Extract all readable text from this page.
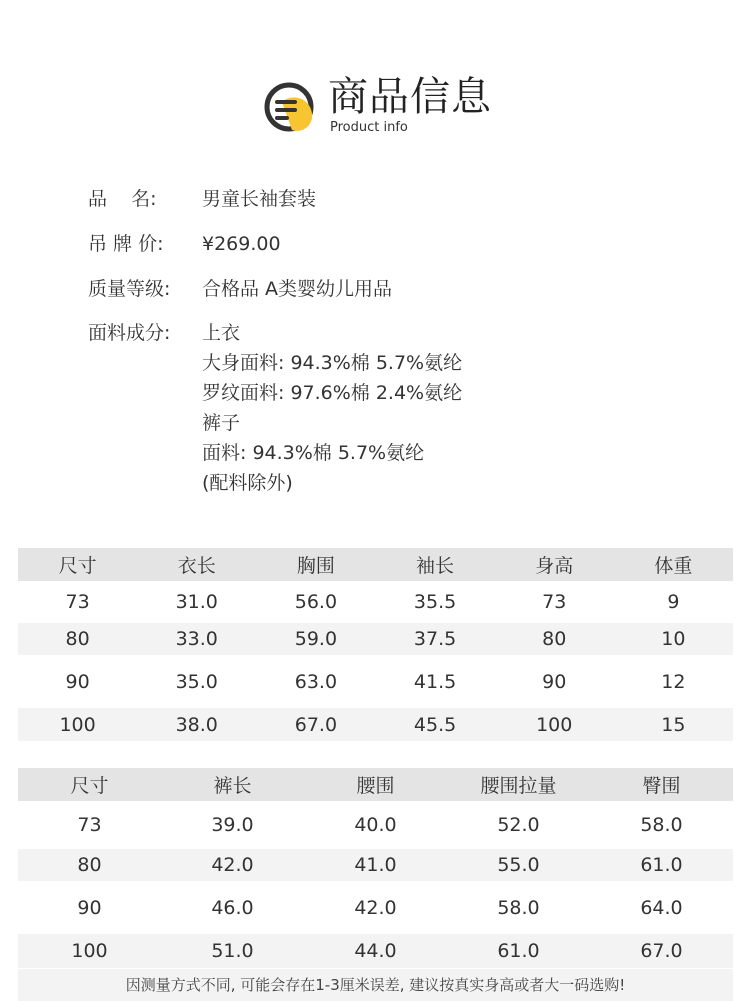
商品信息
Product info
品    名:	男童长袖套装
吊 牌 价:	¥269.00
质量等级:	合格品 A类婴幼儿用品
面料成分:	上衣
大身面料: 94.3%棉 5.7%氨纶
罗纹面料: 97.6%棉 2.4%氨纶
裤子
面料: 94.3%棉 5.7%氨纶
(配料除外)
尺寸	衣长	胸围	袖长	身高	体重
73	31.0	56.0	35.5	73	9
80	33.0	59.0	37.5	80	10
90	35.0	63.0	41.5	90	12
100	38.0	67.0	45.5	100	15
尺寸	裤长	腰围	腰围拉量	臀围
73	39.0	40.0	52.0	58.0
80	42.0	41.0	55.0	61.0
90	46.0	42.0	58.0	64.0
100	51.0	44.0	61.0	67.0
因测量方式不同, 可能会存在1-3厘米误差, 建议按真实身高或者大一码选购!
